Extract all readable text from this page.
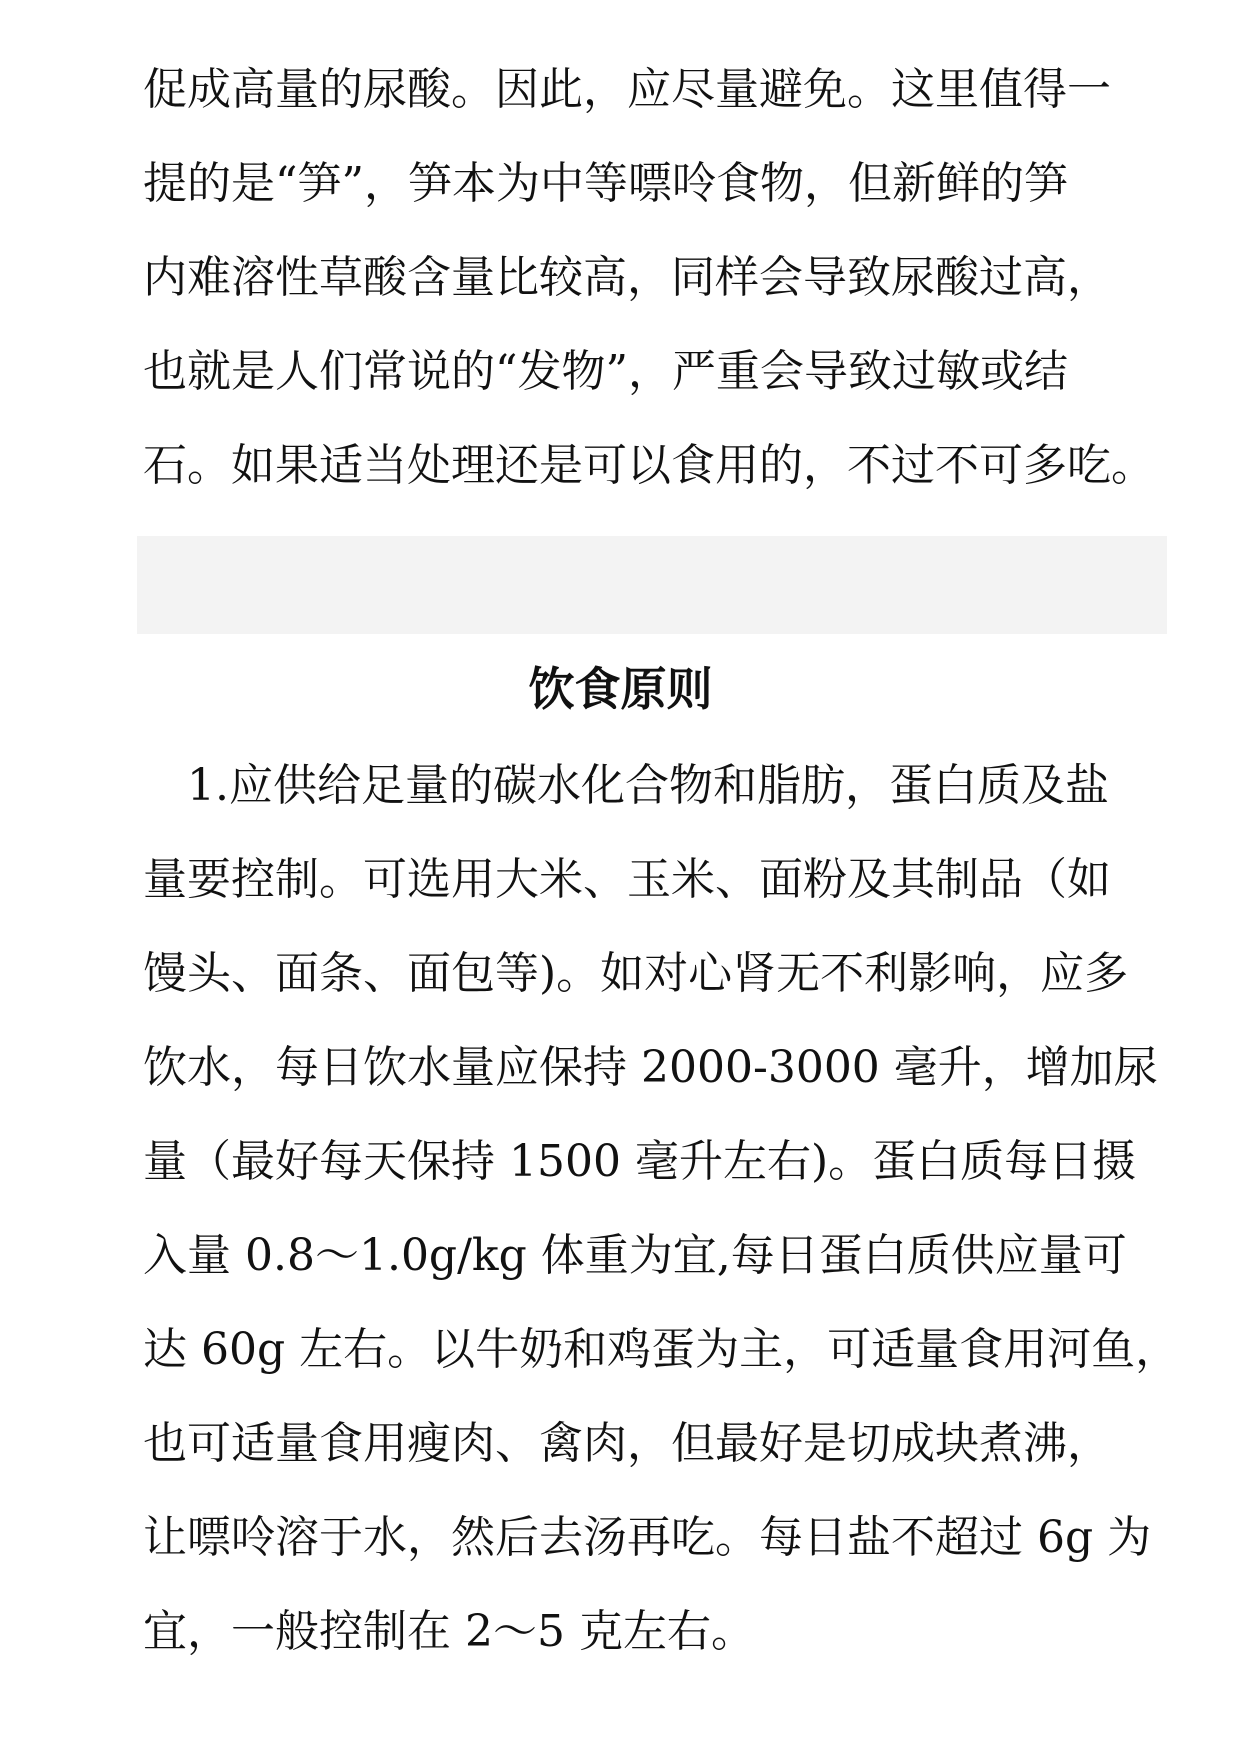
促成高量的尿酸。因此，应尽量避免。这里值得一
提的是“笋”，笋本为中等嘌呤食物，但新鲜的笋
内难溶性草酸含量比较高，同样会导致尿酸过高，
也就是人们常说的“发物”，严重会导致过敏或结
石。如果适当处理还是可以食用的，不过不可多吃。
饮食原则
　1.应供给足量的碳水化合物和脂肪，蛋白质及盐
量要控制。可选用大米、玉米、面粉及其制品（如
馒头、面条、面包等)。如对心肾无不利影响，应多
饮水，每日饮水量应保持 2000-3000 毫升，增加尿
量（最好每天保持 1500 毫升左右)。蛋白质每日摄
入量 0.8～1.0g/kg 体重为宜,每日蛋白质供应量可
达 60g 左右。以牛奶和鸡蛋为主，可适量食用河鱼，
也可适量食用瘦肉、禽肉，但最好是切成块煮沸，
让嘌呤溶于水，然后去汤再吃。每日盐不超过 6g 为
宜，一般控制在 2～5 克左右。
